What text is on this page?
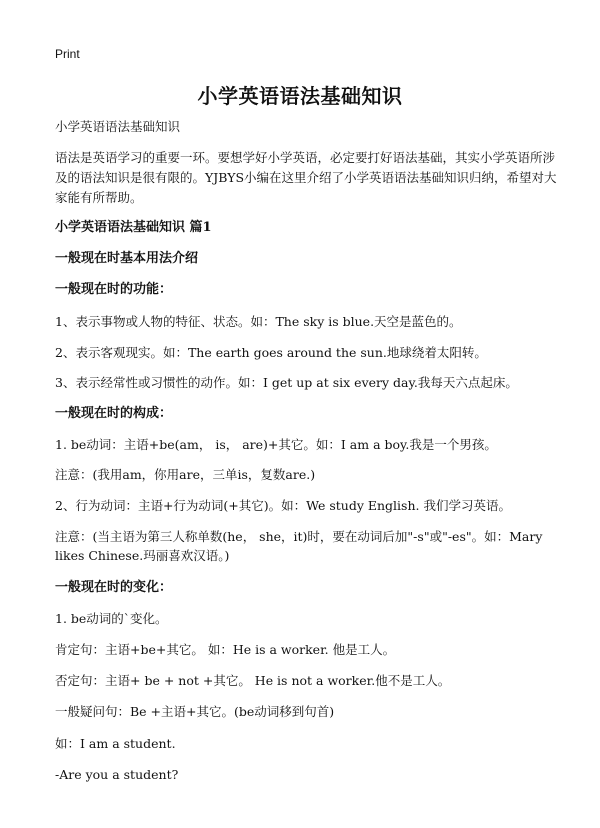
Print
小学英语语法基础知识
小学英语语法基础知识
语法是英语学习的重要一环。要想学好小学英语，必定要打好语法基础，其实小学英语所涉及的语法知识是很有限的。YJBYS小编在这里介绍了小学英语语法基础知识归纳，希望对大家能有所帮助。
小学英语语法基础知识 篇1
一般现在时基本用法介绍
一般现在时的功能：
1、表示事物或人物的特征、状态。如：The sky is blue.天空是蓝色的。
2、表示客观现实。如：The earth goes around the sun.地球绕着太阳转。
3、表示经常性或习惯性的动作。如：I get up at six every day.我每天六点起床。
一般现在时的构成：
1. be动词：主语+be(am， is， are)+其它。如：I am a boy.我是一个男孩。
注意：(我用am，你用are，三单is，复数are.)
2、行为动词：主语+行为动词(+其它)。如：We study English. 我们学习英语。
注意：(当主语为第三人称单数(he， she，it)时，要在动词后加"-s"或"-es"。如：Mary likes Chinese.玛丽喜欢汉语。)
一般现在时的变化：
1. be动词的`变化。
肯定句：主语+be+其它。 如：He is a worker. 他是工人。
否定句：主语+ be + not +其它。 He is not a worker.他不是工人。
一般疑问句：Be +主语+其它。(be动词移到句首)
如：I am a student.
-Are you a student?
